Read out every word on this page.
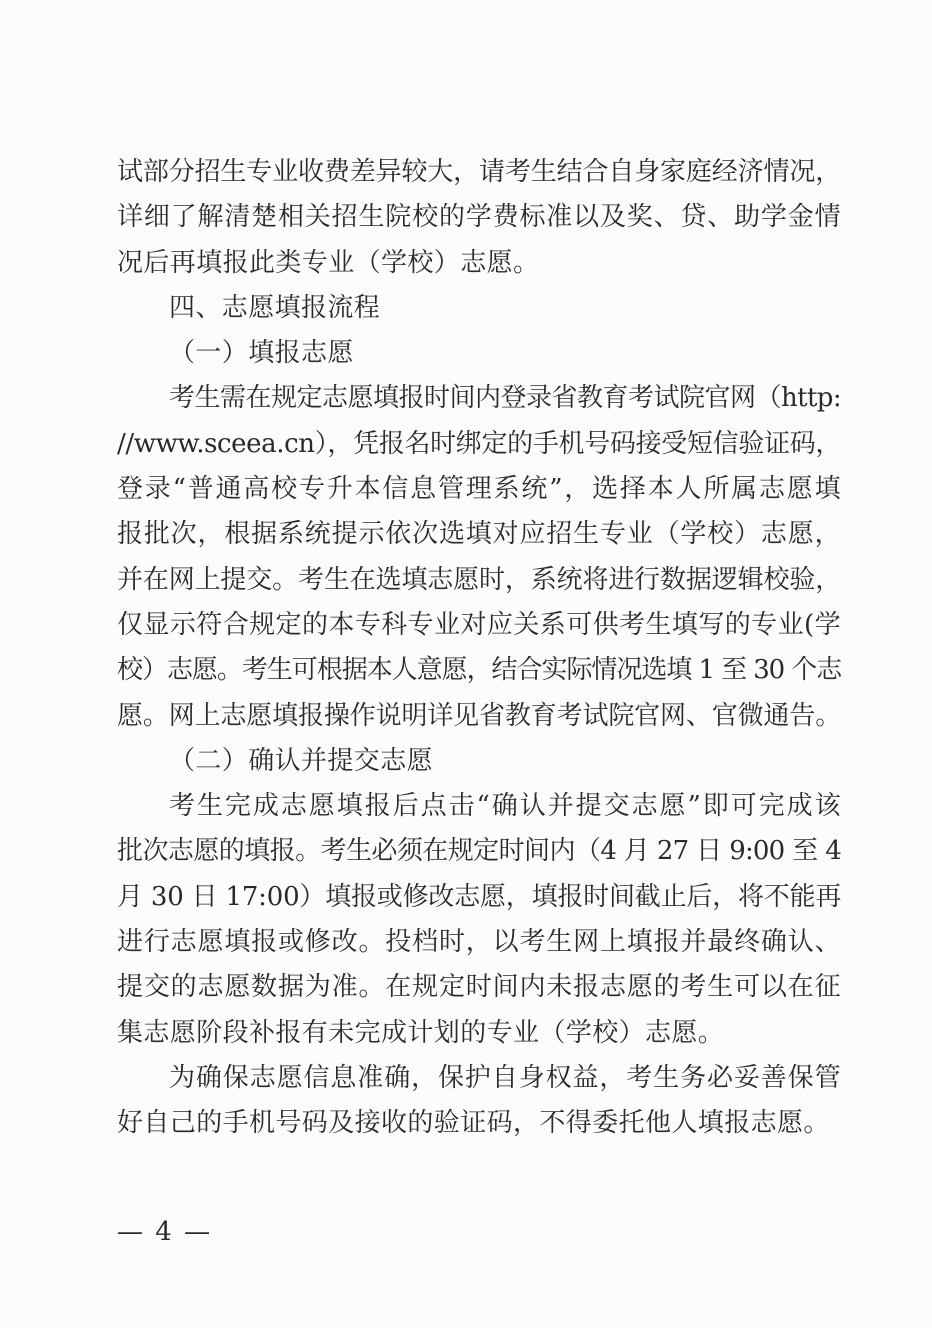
试部分招生专业收费差异较大，请考生结合自身家庭经济情况，
详细了解清楚相关招生院校的学费标准以及奖、贷、助学金情
况后再填报此类专业（学校）志愿。
四、志愿填报流程
（一）填报志愿
考生需在规定志愿填报时间内登录省教育考试院官网（http:
//www.sceea.cn），凭报名时绑定的手机号码接受短信验证码，
登录“普通高校专升本信息管理系统”，选择本人所属志愿填
报批次，根据系统提示依次选填对应招生专业（学校）志愿，
并在网上提交。考生在选填志愿时，系统将进行数据逻辑校验，
仅显示符合规定的本专科专业对应关系可供考生填写的专业(学
校）志愿。考生可根据本人意愿，结合实际情况选填 1 至 30 个志
愿。网上志愿填报操作说明详见省教育考试院官网、官微通告。
（二）确认并提交志愿
考生完成志愿填报后点击“确认并提交志愿”即可完成该
批次志愿的填报。考生必须在规定时间内（4 月 27 日 9:00 至 4
月 30 日 17:00）填报或修改志愿，填报时间截止后，将不能再
进行志愿填报或修改。投档时，以考生网上填报并最终确认、
提交的志愿数据为准。在规定时间内未报志愿的考生可以在征
集志愿阶段补报有未完成计划的专业（学校）志愿。
为确保志愿信息准确，保护自身权益，考生务必妥善保管
好自己的手机号码及接收的验证码，不得委托他人填报志愿。
— 4 —
